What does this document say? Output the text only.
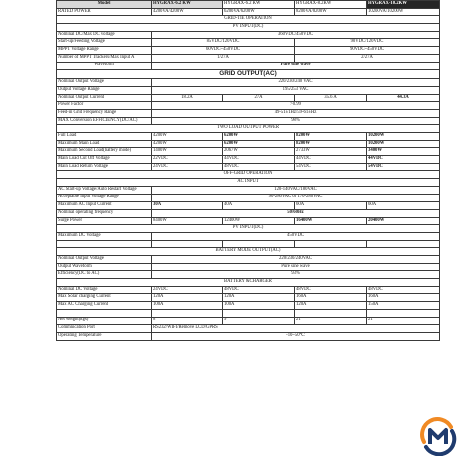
Model	HYGRAX-6.2 KW	HYGRAX-6.2 KW	HYGRAX-8.2KW	HYGRAX-10.2KW
RATED POWER	4200VA/4200W	6200VA/6200W	8200VA/8200W	10200VA/10200W
GRID-TIE OPERATION				
PV INPUT(DC)				
Nominal DC/Max DC voltage	360VDC/450VDC			
Start-up/Feeding Voltage	85VDC/120VDC		90VDC/120VDC	
MPPT Voltage Range	60VDC~450VDC		90VDC~450VDC	
Number of MPPT Trackers/Max Input A	1/27A		2/27A	
Waveform	Pure sine wave			
GRID OUTPUT(AC)				
Nominal Output Voltage	220/230/240 VAC			
Output Voltage Range	195/253 VAC			
Nominal Output Current	18.2A	27A	35.6 A	44.3A
Power Factor	>0.99			
Feed-in Grid Frequency Range	49-51±1Hz/59-61±Hz			
MAX Conversion EFFICIENCY(DC/AC)	98%			
TWO LOAD OUTPUT POWER				
Full Load	4200W	6200W	8200W	10200W
Maximum Main Load	4200W	6200W	8200W	10200W
Maximum Second Load(battery mode)	1400W	2067W	2733W	3400W
Main Load Cut Off Voltage	22VDC	44VDC	44VDC	44VDC
Main Load Return Voltage	24VDC	48VDC	54VDC	54VDC
OFF-GRID OPERATION				
AC INPUT				
AC Start-up Voltage/Auto Restart Voltage	120-140VAC/180VAC			
Acceptable Input Voltage Range	90-280VAC or 170-280VAC			
Maximum AC Input Current	30A	40A	60A	60A
Nominal operating frequency	50/60Hz			
Surge Power	8400W	12400W	16400W	20400W
PV INPUT(DC)				
Maximum DC Voltage	450VDC			

BATTERY MODE OUTPUT(AC)				
Nominal Output Voltage	220/230/240VAC			
Output Waveform	Pure sine wave			
Efficiency(DC to AC)	93%			
BATTERY &CHARGER				
Nominal DC Voltage	24VDC	48VDC	48VDC	48VDC
Max Solar charging Current	120A	120A	160A	160A
Max AC Charging Current	100A	100A	120A	150A

Net weight(kgs)	8	9	21	21
Commnication Port	RS232/WIFI/Remove LCD/GPRS			
Operating Temperature	-10~50℃			
